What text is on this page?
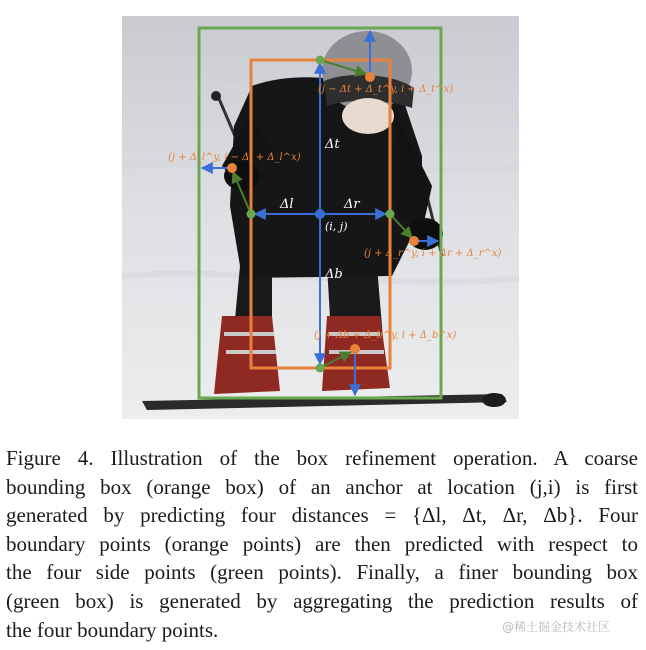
Δt
Δl	Δr
Δb
(i, j)
(j − Δt + Δ_t^y, i + Δ_t^x)
(j + Δ_l^y, i − Δl + Δ_l^x)
(j + Δ_r^y, i + Δr + Δ_r^x)
(j + Δb + Δ_b^y, i + Δ_b^x)
Figure 4. Illustration of the box refinement operation. A coarse
bounding box (orange box) of an anchor at location (j,i) is first
generated by predicting four distances = {Δl, Δt, Δr, Δb}. Four
boundary points (orange points) are then predicted with respect to
the four side points (green points). Finally, a finer bounding box
(green box) is generated by aggregating the prediction results of
the four boundary points.	@稀土掘金技术社区
